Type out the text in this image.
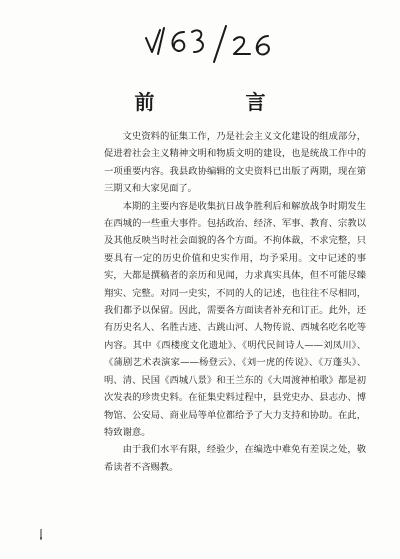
前 言

文史资料的征集工作，乃是社会主义文化建设的组成部分，促进着社会主义精神文明和物质文明的建设，也是统战工作中的一项重要内容。我县政协编辑的文史资料已出版了两期，现在第三期又和大家见面了。

本期的主要内容是收集抗日战争胜利后和解放战争时期发生在西城的一些重大事件。包括政治、经济、军事、教育、宗教以及其他反映当时社会面貌的各个方面。不拘体裁，不求完整，只要具有一定的历史价值和史实作用，均予采用。文中记述的事实，大都是撰稿者的亲历和见闻，力求真实具体，但不可能尽臻翔实、完整。对同一史实，不同的人的记述，也往往不尽相同，我们都予以保留。因此，需要各方面读者补充和订正。此外，还有历史名人、名胜古迹、古跳山河、人物传说、西城名吃名吃等内容。其中《西楼度文化遗址》、《明代民间诗人——刘凤川》、《蒲剧艺术表演家——杨登云》、《刘一虎的传说》、《万蓬头》、明、清、民国《西城八景》和王兰东的《大周渡神柏歌》都是初次发表的珍贵史料。在征集史料过程中，县党史办、县志办、博物馆、公安局、商业局等单位都给予了大力支持和协助。在此，特致谢意。

由于我们水平有限，经验少，在编选中难免有差误之处，敬希读者不吝赐教。
